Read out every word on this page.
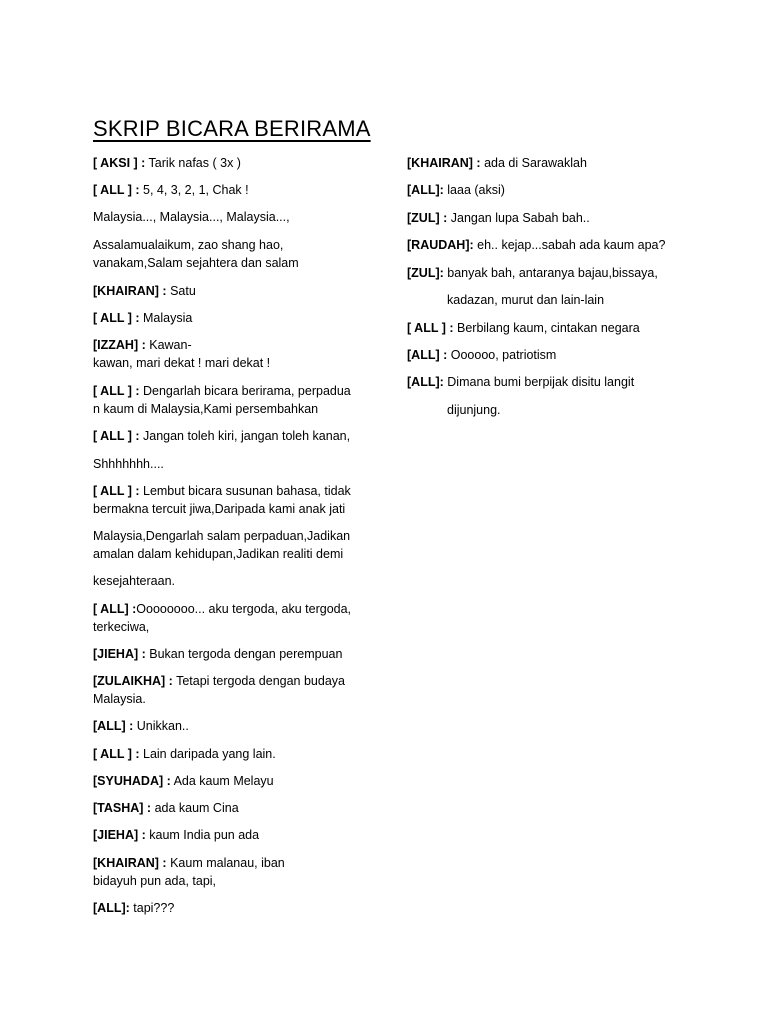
SKRIP BICARA BERIRAMA
[ AKSI ] : Tarik nafas ( 3x )
[ ALL ] : 5, 4, 3, 2, 1, Chak !
Malaysia..., Malaysia..., Malaysia...,
Assalamualaikum, zao shang hao,
vanakam,Salam sejahtera dan salam
[KHAIRAN] : Satu
[ ALL ] : Malaysia
[IZZAH] : Kawan-
kawan, mari dekat ! mari dekat !
[ ALL ] : Dengarlah bicara berirama, perpadua
n kaum di Malaysia,Kami persembahkan
[ ALL ] : Jangan toleh kiri, jangan toleh kanan,
Shhhhhhh....
[ ALL ] : Lembut bicara susunan bahasa, tidak
bermakna tercuit jiwa,Daripada kami anak jati
Malaysia,Dengarlah salam perpaduan,Jadikan
amalan dalam kehidupan,Jadikan realiti demi
kesejahteraan.
[ ALL] :Oooooooo... aku tergoda, aku tergoda,
terkeciwa,
[JIEHA] : Bukan tergoda dengan perempuan
[ZULAIKHA] : Tetapi tergoda dengan budaya
Malaysia.
[ALL] : Unikkan..
[ ALL ] : Lain daripada yang lain.
[SYUHADA] : Ada kaum Melayu
[TASHA] : ada kaum Cina
[JIEHA] : kaum India pun ada
[KHAIRAN] : Kaum malanau, iban
bidayuh pun ada, tapi,
[ALL]: tapi???
[KHAIRAN] : ada di Sarawaklah
[ALL]: laaa (aksi)
[ZUL] : Jangan lupa Sabah bah..
[RAUDAH]: eh.. kejap...sabah ada kaum apa?
[ZUL]: banyak bah, antaranya bajau,bissaya,
kadazan, murut dan lain-lain
[ ALL ] : Berbilang kaum, cintakan negara
[ALL] : Oooooo, patriotism
[ALL]: Dimana bumi berpijak disitu langit
dijunjung.
